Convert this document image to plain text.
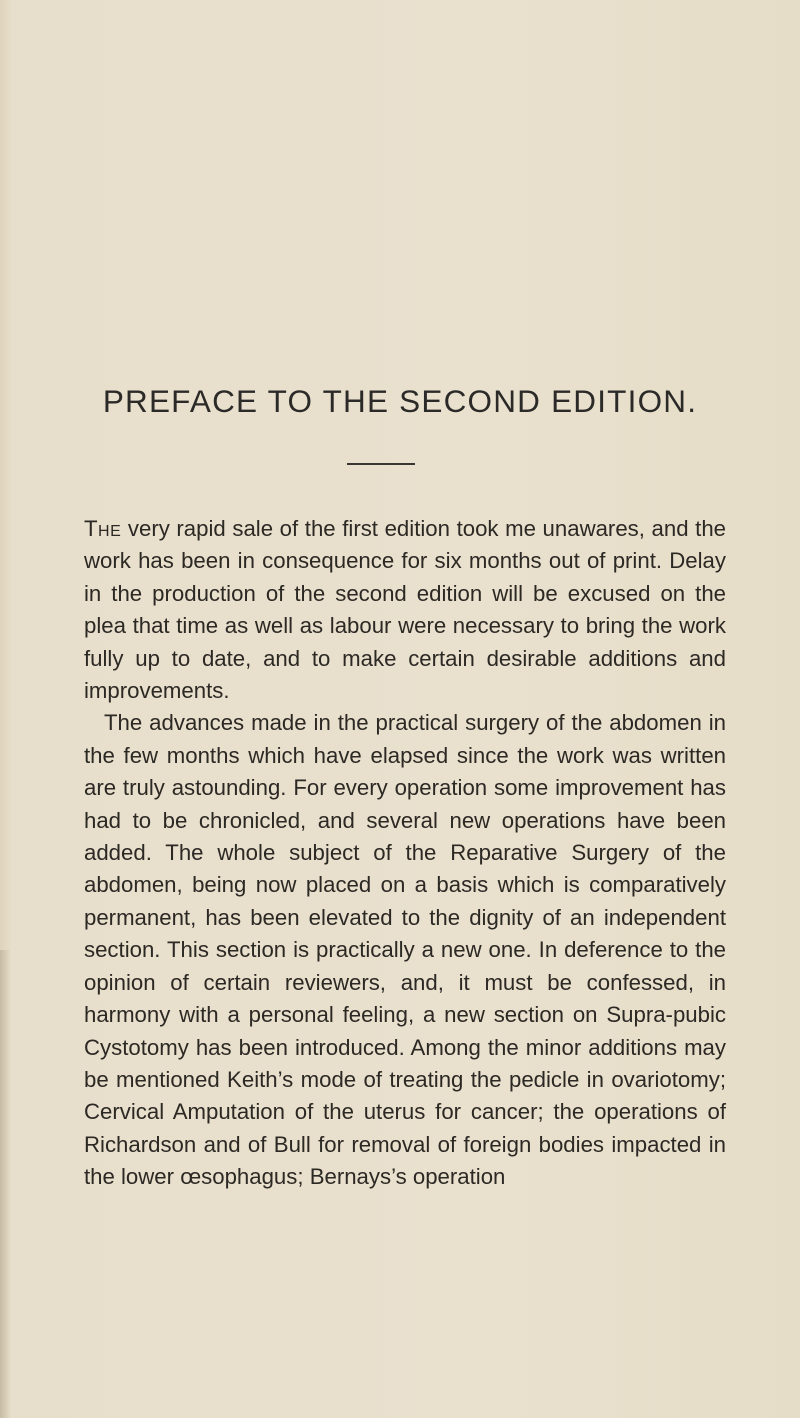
PREFACE TO THE SECOND EDITION.

The very rapid sale of the first edition took me unawares, and the work has been in consequence for six months out of print. Delay in the production of the second edition will be excused on the plea that time as well as labour were necessary to bring the work fully up to date, and to make certain desirable additions and improvements.

The advances made in the practical surgery of the abdomen in the few months which have elapsed since the work was written are truly astounding. For every operation some improvement has had to be chronicled, and several new operations have been added. The whole subject of the Reparative Surgery of the abdomen, being now placed on a basis which is comparatively permanent, has been elevated to the dignity of an independent section. This section is practically a new one. In deference to the opinion of certain reviewers, and, it must be confessed, in harmony with a personal feeling, a new section on Supra-pubic Cystotomy has been introduced. Among the minor additions may be mentioned Keith’s mode of treating the pedicle in ovariotomy; Cervical Amputation of the uterus for cancer; the operations of Richardson and of Bull for removal of foreign bodies impacted in the lower œsophagus; Bernays’s operation
